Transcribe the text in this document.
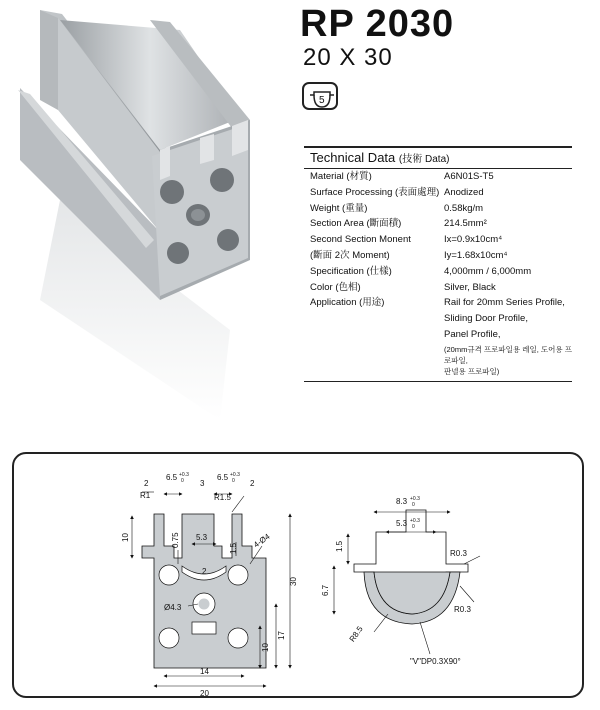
RP 2030
20 X 30
5
Technical Data (技術 Data)
Material (材質)	A6N01S-T5
Surface Processing (表面處理) Anodized
Weight (重量)	0.58kg/m
Section Area (斷面積)	214.5mm²
Second Section Monent	Ix=0.9x10cm⁴
(斷面 2次 Moment)	Iy=1.68x10cm⁴
Specification (仕樣)	4,000mm / 6,000mm
Color (色相)	Silver, Black
Application (用途)	Rail for 20mm Series Profile,
Sliding Door Profile,
Panel Profile,
(20mm규격 프로파일용 레일, 도어용 프로파일,
판넬용 프로파일)
2
6.5 +0.3
0 3
6.5 +0.3
0 2
R1	R1.5
10	0.75 5.3
1.5
2
4-Ø4
30
Ø4.3
17
10
14
20
8.3 +0.3
0
5.3 +0.3
0
1.5
6.7
R0.3
R0.3
R8.5
"V"DP0.3X90°
